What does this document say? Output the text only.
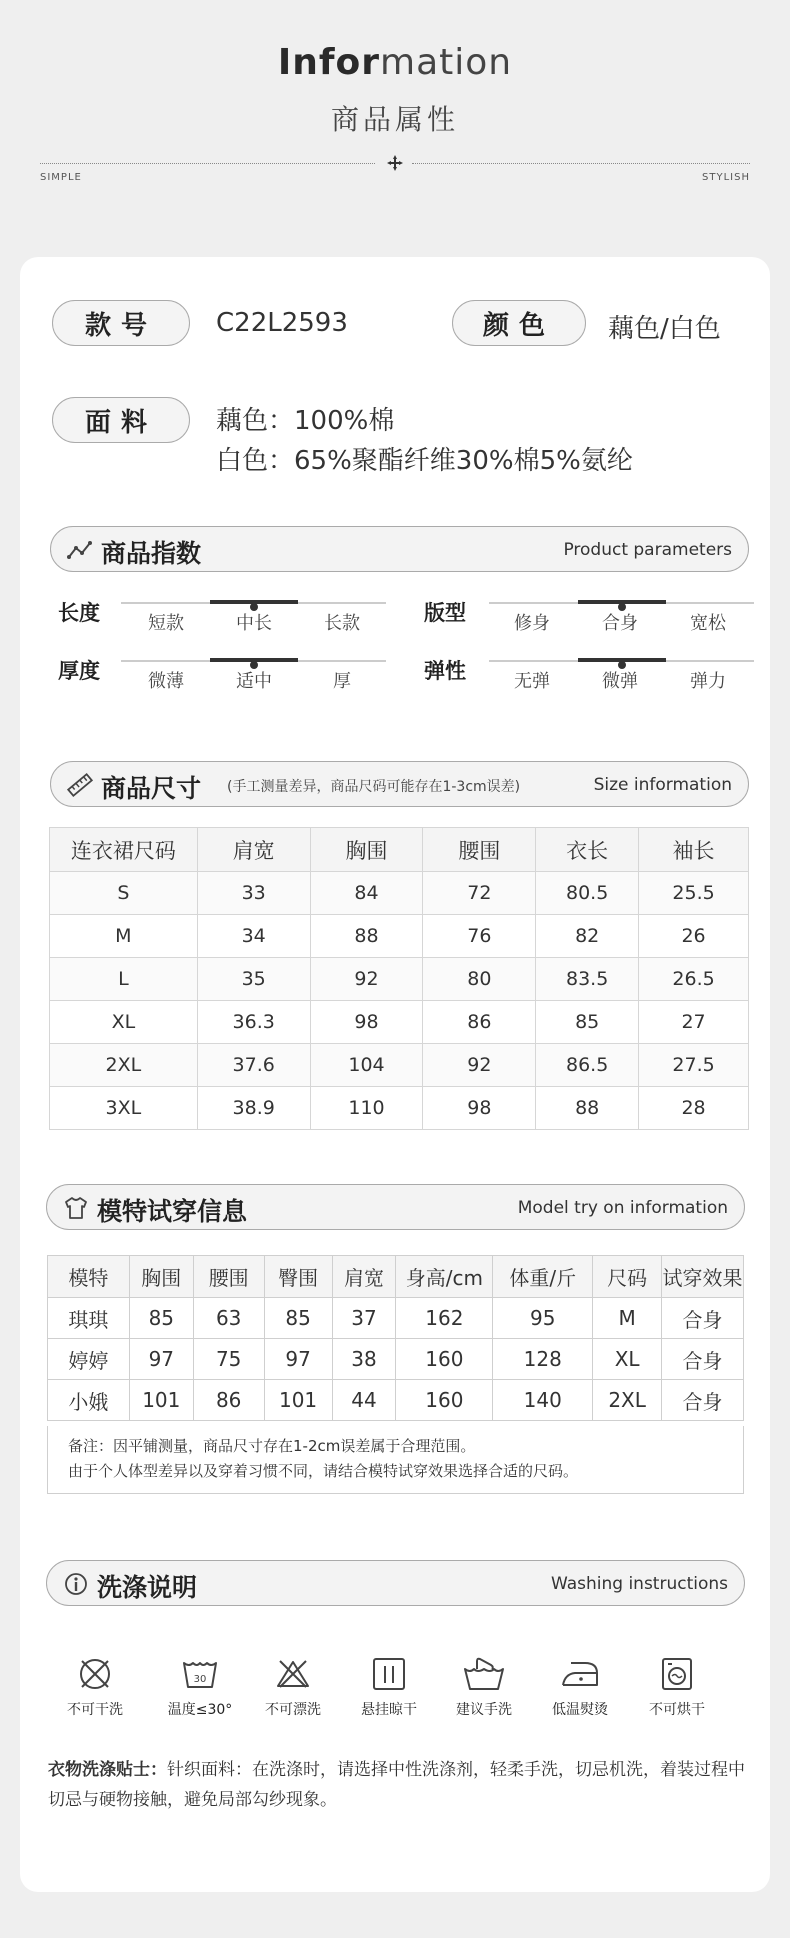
Information
商品属性
SIMPLE	STYLISH
款号	C22L2593	颜色	藕色/白色
面料	藕色：100%棉
白色：65%聚酯纤维30%棉5%氨纶
商品指数	Product parameters
长度	短款	中长	长款	版型	修身	合身	宽松
厚度	微薄	适中	厚	弹性	无弹	微弹	弹力
商品尺寸 (手工测量差异，商品尺码可能存在1-3cm误差)	Size information
连衣裙尺码	肩宽	胸围	腰围	衣长	袖长
S	33	84	72	80.5	25.5
M	34	88	76	82	26
L	35	92	80	83.5	26.5
XL	36.3	98	86	85	27
2XL	37.6	104	92	86.5	27.5
3XL	38.9	110	98	88	28
模特试穿信息	Model try on information
模特	胸围	腰围	臀围	肩宽	身高/cm	体重/斤	尺码	试穿效果
琪琪	85	63	85	37	162	95	M	合身
婷婷	97	75	97	38	160	128	XL	合身
小娥	101	86	101	44	160	140	2XL	合身
备注：因平铺测量，商品尺寸存在1-2cm误差属于合理范围。
由于个人体型差异以及穿着习惯不同，请结合模特试穿效果选择合适的尺码。
洗涤说明	Washing instructions
不可干洗
30
温度≤30°	不可漂洗	悬挂晾干	建议手洗	低温熨烫	不可烘干
衣物洗涤贴士：针织面料：在洗涤时，请选择中性洗涤剂，轻柔手洗，切忌机洗，着装过程中切忌与硬物接触，避免局部勾纱现象。
